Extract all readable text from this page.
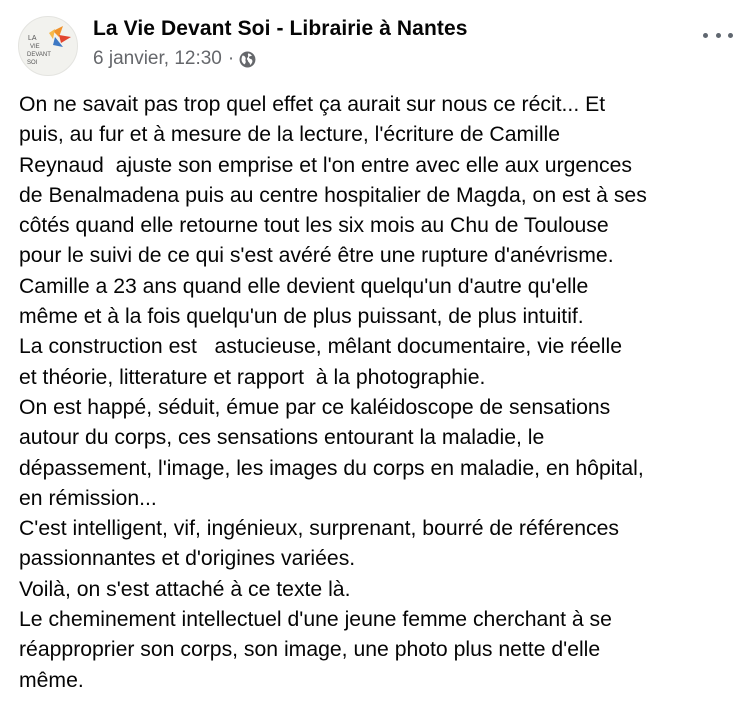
LA
VIE
DEVANT
SOI
La Vie Devant Soi - Librairie à Nantes
6 janvier, 12:30 ·
On ne savait pas trop quel effet ça aurait sur nous ce récit... Et
puis, au fur et à mesure de la lecture, l'écriture de Camille
Reynaud  ajuste son emprise et l'on entre avec elle aux urgences
de Benalmadena puis au centre hospitalier de Magda, on est à ses
côtés quand elle retourne tout les six mois au Chu de Toulouse
pour le suivi de ce qui s'est avéré être une rupture d'anévrisme.
Camille a 23 ans quand elle devient quelqu'un d'autre qu'elle
même et à la fois quelqu'un de plus puissant, de plus intuitif.
La construction est   astucieuse, mêlant documentaire, vie réelle
et théorie, litterature et rapport  à la photographie.
On est happé, séduit, émue par ce kaléidoscope de sensations
autour du corps, ces sensations entourant la maladie, le
dépassement, l'image, les images du corps en maladie, en hôpital,
en rémission...
C'est intelligent, vif, ingénieux, surprenant, bourré de références
passionnantes et d'origines variées.
Voilà, on s'est attaché à ce texte là.
Le cheminement intellectuel d'une jeune femme cherchant à se
réapproprier son corps, son image, une photo plus nette d'elle
même.
